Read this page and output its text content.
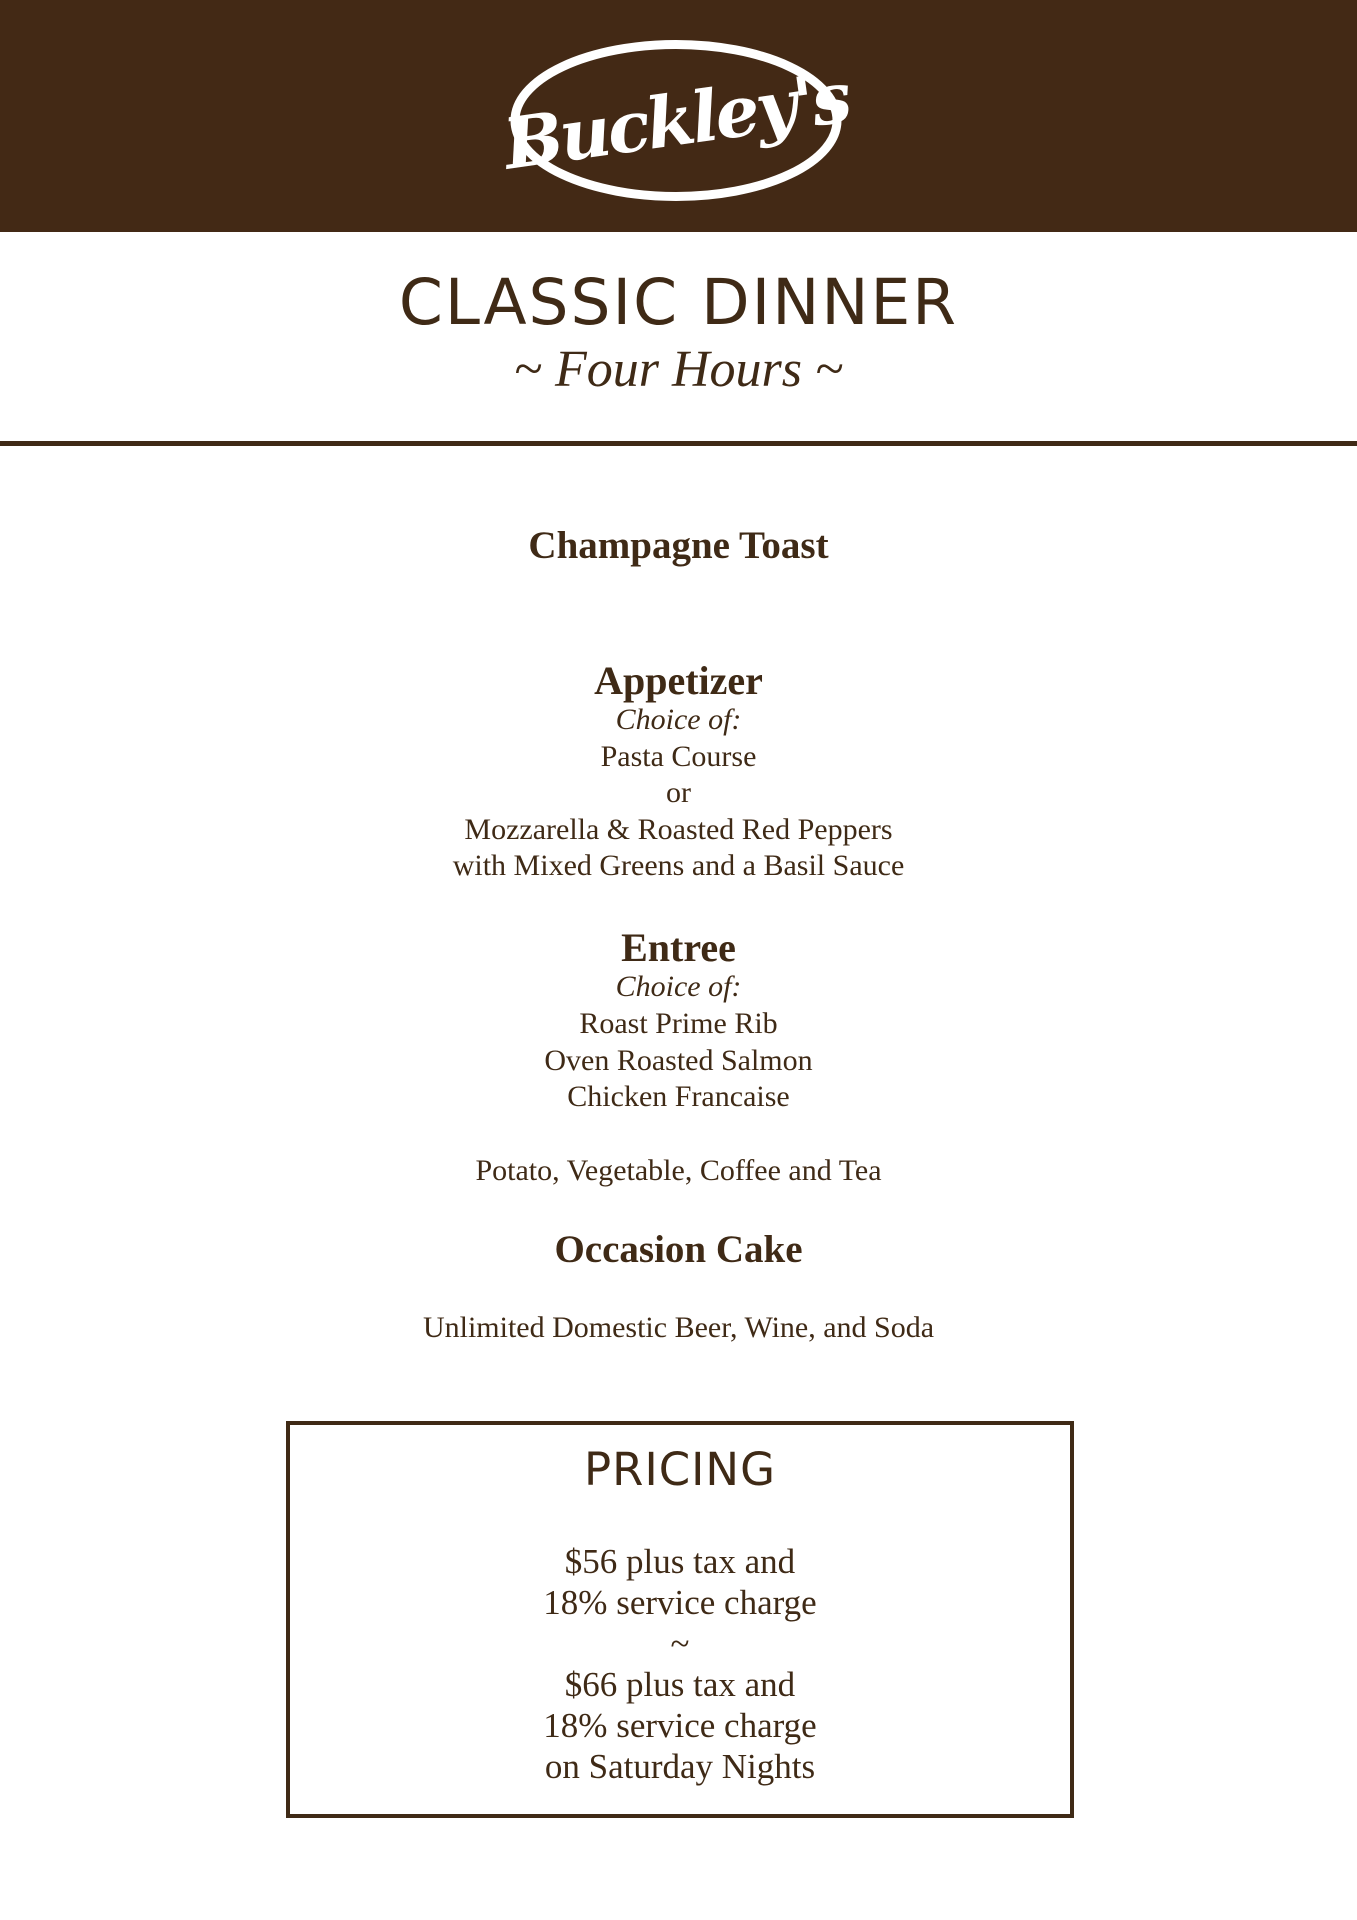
Buckley's
CLASSIC DINNER
~ Four Hours ~
Champagne Toast
Appetizer
Choice of:
Pasta Course
or
Mozzarella & Roasted Red Peppers
with Mixed Greens and a Basil Sauce
Entree
Choice of:
Roast Prime Rib
Oven Roasted Salmon
Chicken Francaise
Potato, Vegetable, Coffee and Tea
Occasion Cake
Unlimited Domestic Beer, Wine, and Soda
PRICING
$56 plus tax and
18% service charge
~
$66 plus tax and
18% service charge
on Saturday Nights
